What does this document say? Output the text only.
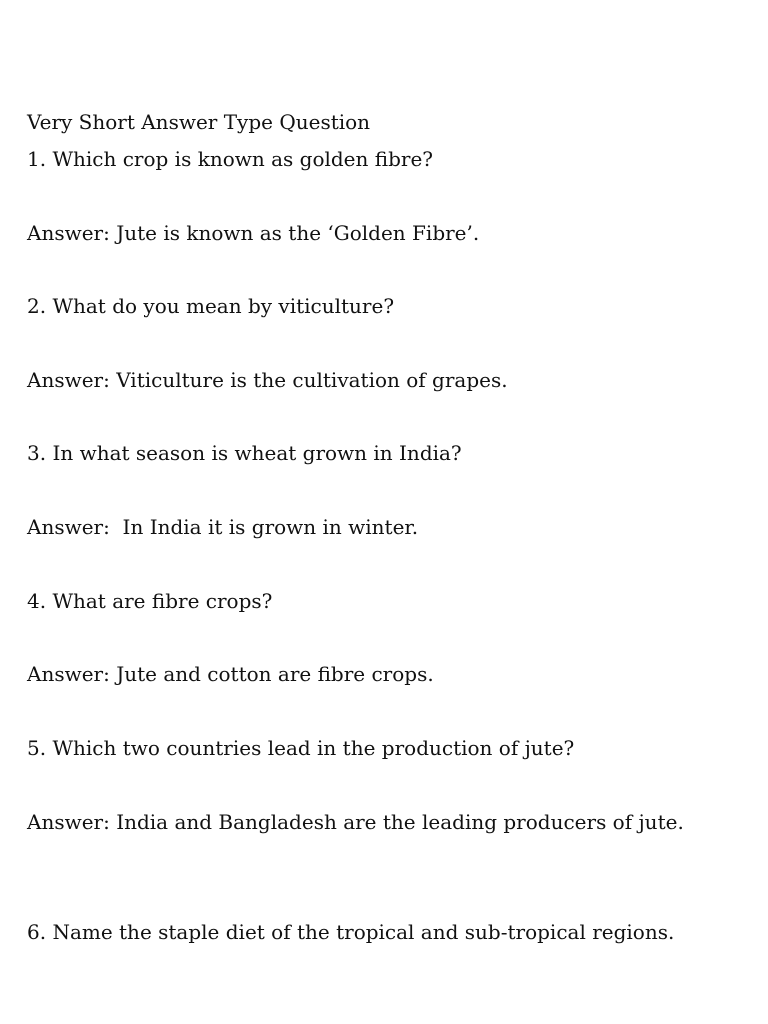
Very Short Answer Type Question
1. Which crop is known as golden fibre?
Answer: Jute is known as the ‘Golden Fibre’.
2. What do you mean by viticulture?
Answer: Viticulture is the cultivation of grapes.
3. In what season is wheat grown in India?
Answer:  In India it is grown in winter.
4. What are fibre crops?
Answer: Jute and cotton are fibre crops.
5. Which two countries lead in the production of jute?
Answer: India and Bangladesh are the leading producers of jute.
6. Name the staple diet of the tropical and sub-tropical regions.
